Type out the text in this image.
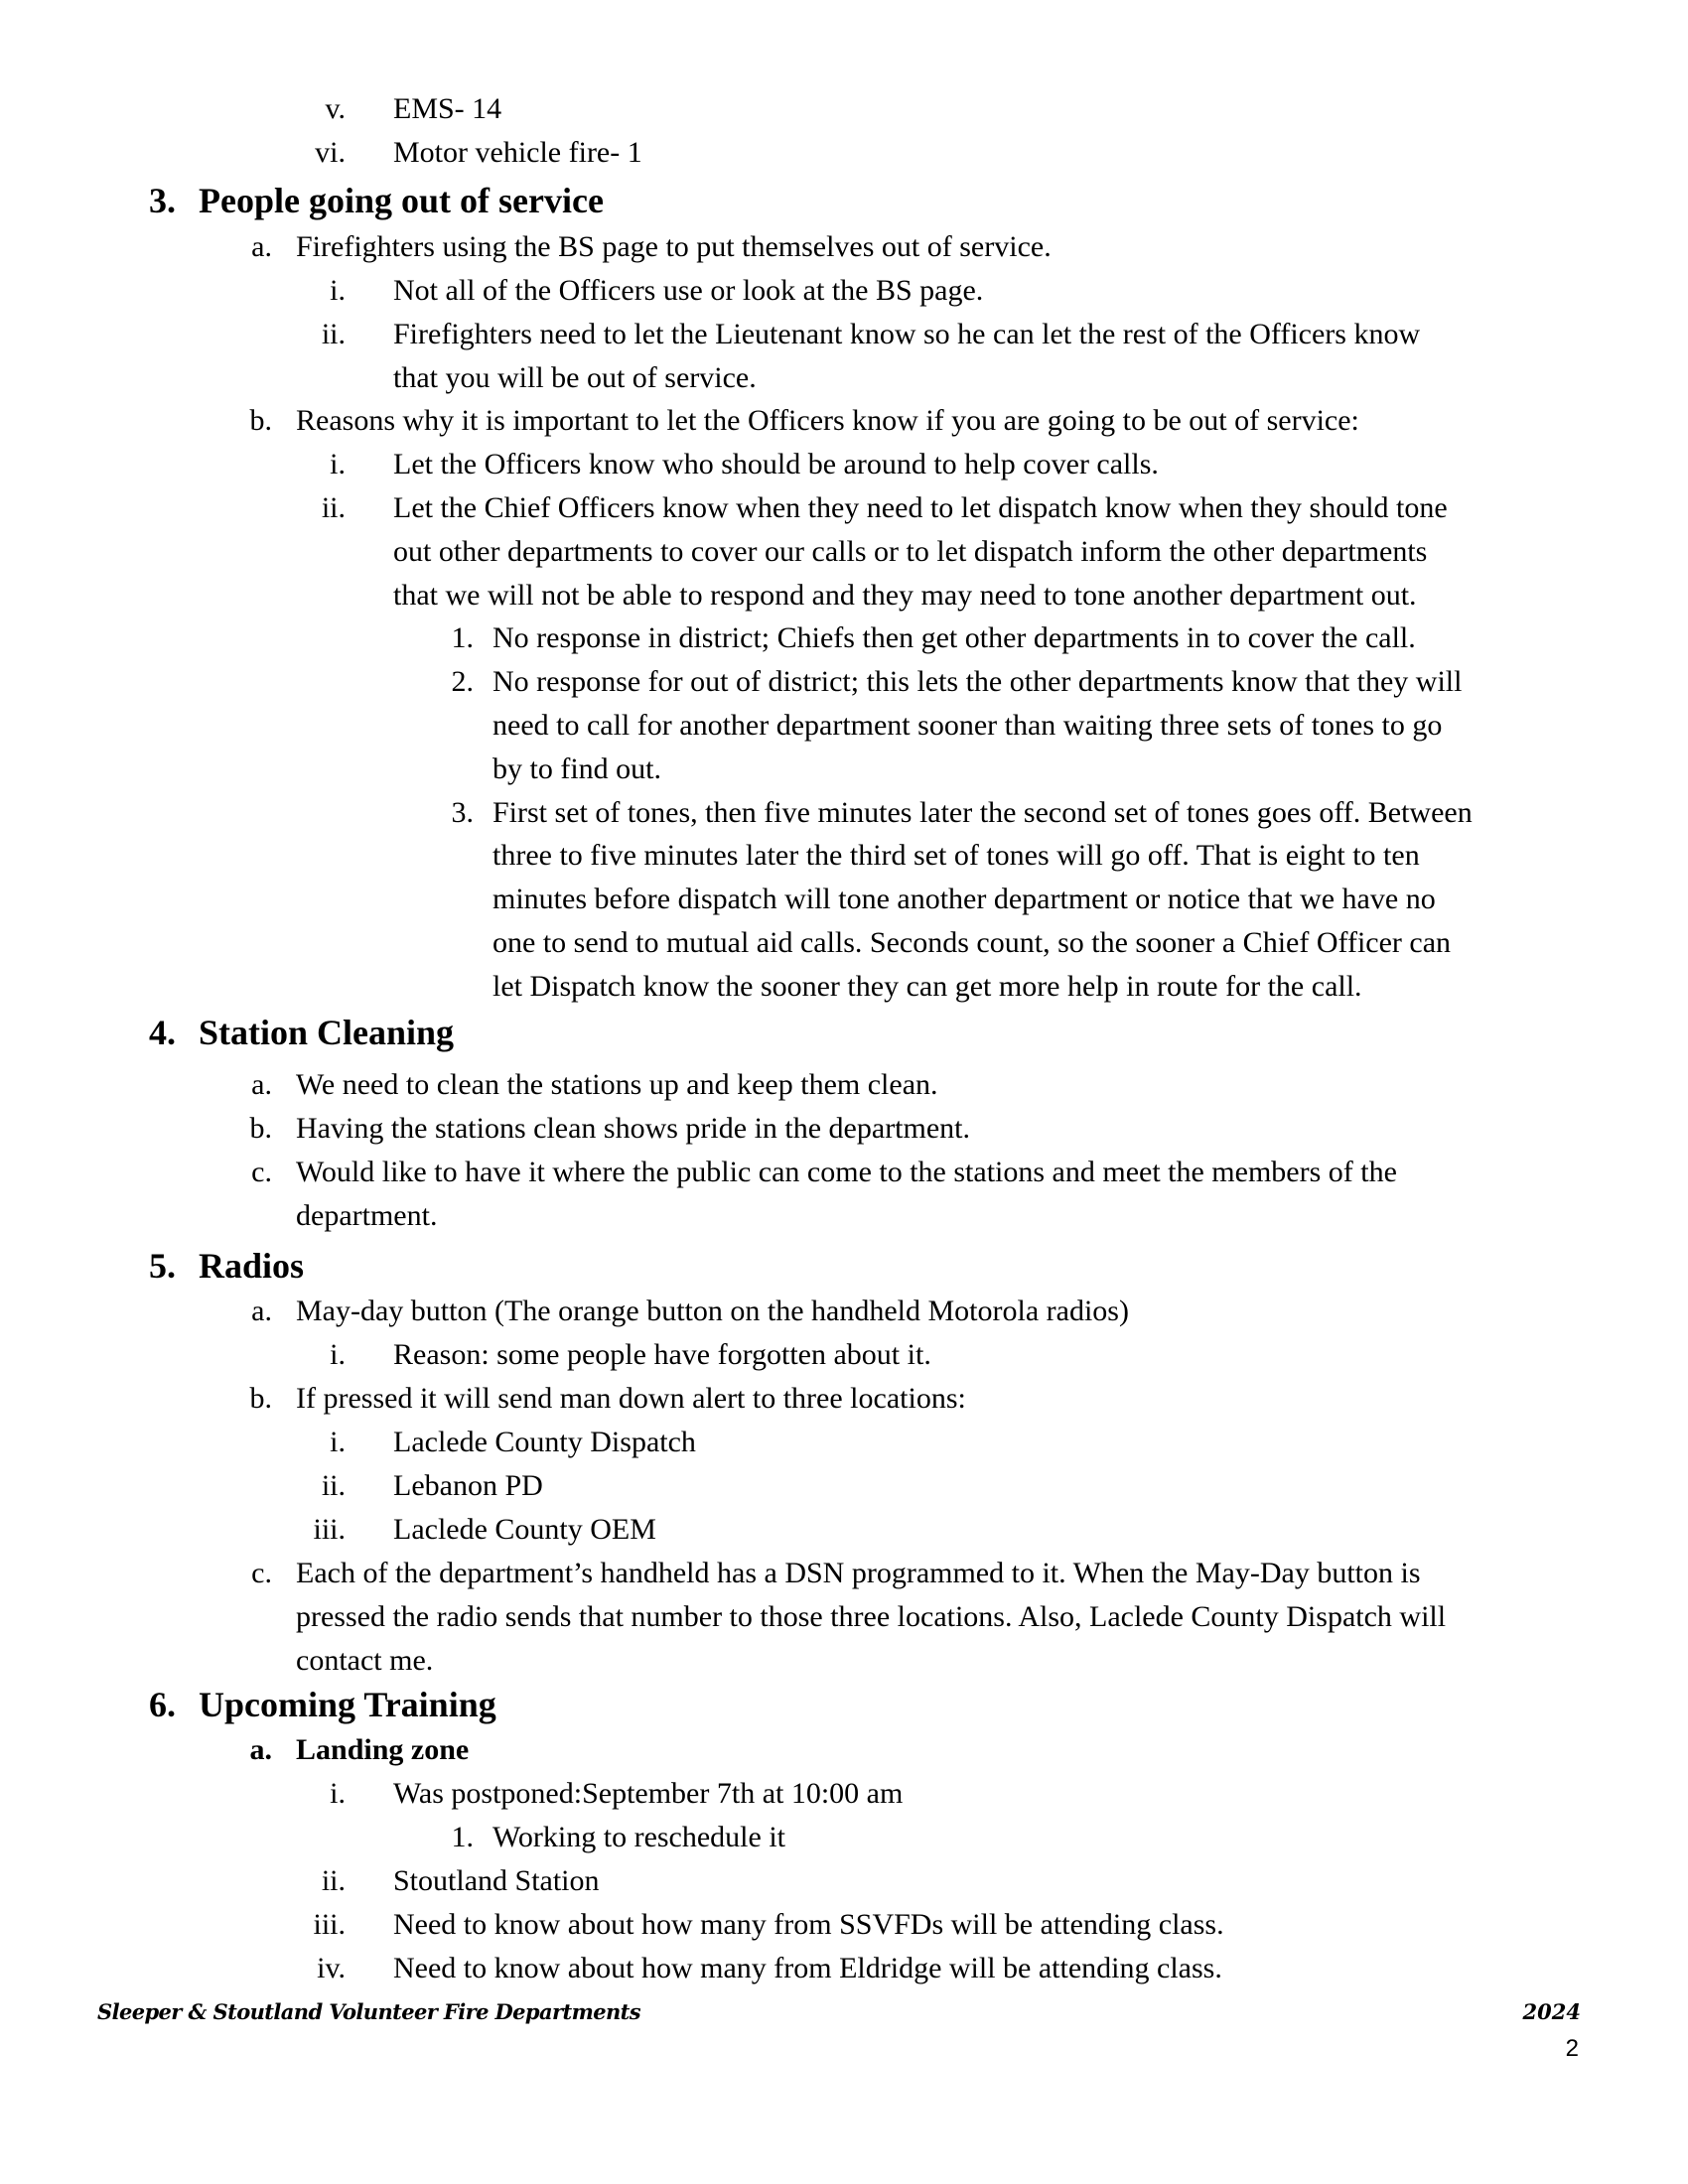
v. EMS- 14
vi. Motor vehicle fire- 1
3. People going out of service
a. Firefighters using the BS page to put themselves out of service.
i. Not all of the Officers use or look at the BS page.
ii. Firefighters need to let the Lieutenant know so he can let the rest of the Officers know
that you will be out of service.
b. Reasons why it is important to let the Officers know if you are going to be out of service:
i. Let the Officers know who should be around to help cover calls.
ii. Let the Chief Officers know when they need to let dispatch know when they should tone
out other departments to cover our calls or to let dispatch inform the other departments
that we will not be able to respond and they may need to tone another department out.
1. No response in district; Chiefs then get other departments in to cover the call.
2. No response for out of district; this lets the other departments know that they will
need to call for another department sooner than waiting three sets of tones to go
by to find out.
3. First set of tones, then five minutes later the second set of tones goes off. Between
three to five minutes later the third set of tones will go off. That is eight to ten
minutes before dispatch will tone another department or notice that we have no
one to send to mutual aid calls. Seconds count, so the sooner a Chief Officer can
let Dispatch know the sooner they can get more help in route for the call.
4. Station Cleaning
a. We need to clean the stations up and keep them clean.
b. Having the stations clean shows pride in the department.
c. Would like to have it where the public can come to the stations and meet the members of the
department.
5. Radios
a. May-day button (The orange button on the handheld Motorola radios)
i. Reason: some people have forgotten about it.
b. If pressed it will send man down alert to three locations:
i. Laclede County Dispatch
ii. Lebanon PD
iii. Laclede County OEM
c. Each of the department’s handheld has a DSN programmed to it. When the May-Day button is
pressed the radio sends that number to those three locations. Also, Laclede County Dispatch will
contact me.
6. Upcoming Training
a. Landing zone
i. Was postponed:September 7th at 10:00 am
1. Working to reschedule it
ii. Stoutland Station
iii. Need to know about how many from SSVFDs will be attending class.
iv. Need to know about how many from Eldridge will be attending class.
Sleeper & Stoutland Volunteer Fire Departments	2024
2
